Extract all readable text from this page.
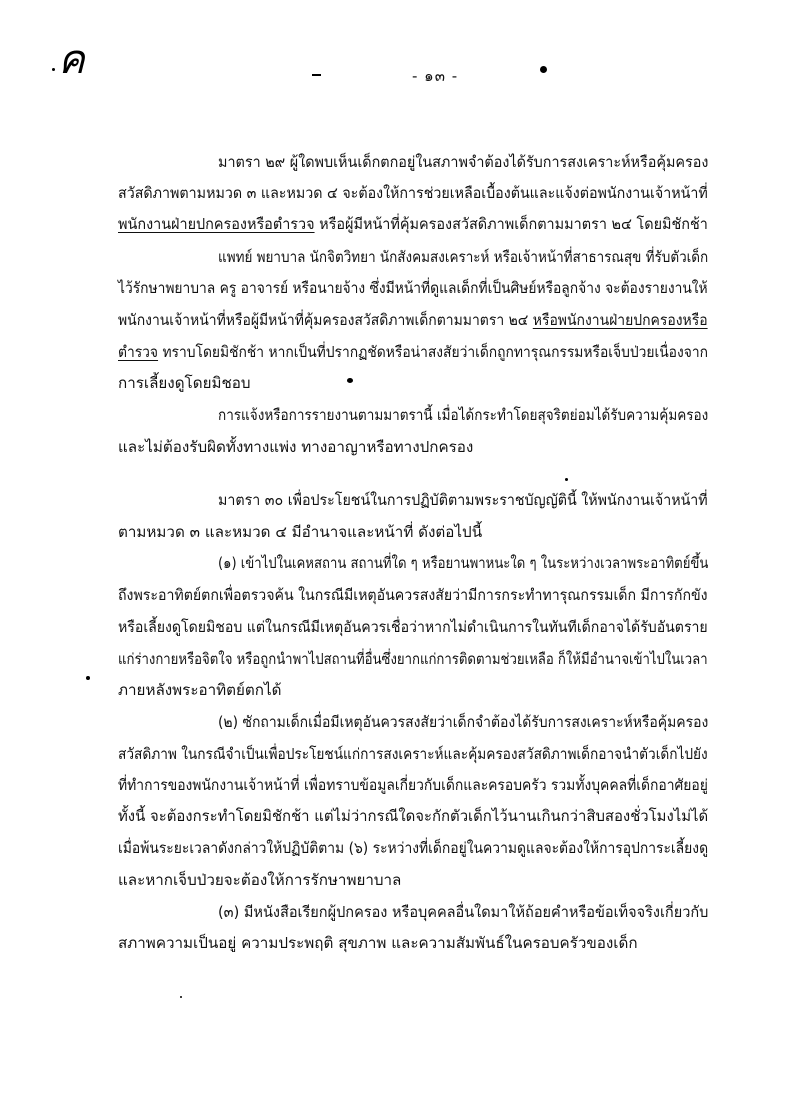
ค	- ๑๓ -
มาตรา ๒๙ ผู้ใดพบเห็นเด็กตกอยู่ในสภาพจำต้องได้รับการสงเคราะห์หรือคุ้มครอง
สวัสดิภาพตามหมวด ๓ และหมวด ๔ จะต้องให้การช่วยเหลือเบื้องต้นและแจ้งต่อพนักงานเจ้าหน้าที่
พนักงานฝ่ายปกครองหรือตำรวจ หรือผู้มีหน้าที่คุ้มครองสวัสดิภาพเด็กตามมาตรา ๒๔ โดยมิชักช้า
แพทย์ พยาบาล นักจิตวิทยา นักสังคมสงเคราะห์ หรือเจ้าหน้าที่สาธารณสุข ที่รับตัวเด็ก
ไว้รักษาพยาบาล ครู อาจารย์ หรือนายจ้าง ซึ่งมีหน้าที่ดูแลเด็กที่เป็นศิษย์หรือลูกจ้าง จะต้องรายงานให้
พนักงานเจ้าหน้าที่หรือผู้มีหน้าที่คุ้มครองสวัสดิภาพเด็กตามมาตรา ๒๔ หรือพนักงานฝ่ายปกครองหรือ
ตำรวจ ทราบโดยมิชักช้า หากเป็นที่ปรากฏชัดหรือน่าสงสัยว่าเด็กถูกทารุณกรรมหรือเจ็บป่วยเนื่องจาก
การเลี้ยงดูโดยมิชอบ
การแจ้งหรือการรายงานตามมาตรานี้ เมื่อได้กระทำโดยสุจริตย่อมได้รับความคุ้มครอง
และไม่ต้องรับผิดทั้งทางแพ่ง ทางอาญาหรือทางปกครอง
มาตรา ๓๐ เพื่อประโยชน์ในการปฏิบัติตามพระราชบัญญัตินี้ ให้พนักงานเจ้าหน้าที่
ตามหมวด ๓ และหมวด ๔ มีอำนาจและหน้าที่ ดังต่อไปนี้
(๑) เข้าไปในเคหสถาน สถานที่ใด ๆ หรือยานพาหนะใด ๆ ในระหว่างเวลาพระอาทิตย์ขึ้น
ถึงพระอาทิตย์ตกเพื่อตรวจค้น ในกรณีมีเหตุอันควรสงสัยว่ามีการกระทำทารุณกรรมเด็ก มีการกักขัง
หรือเลี้ยงดูโดยมิชอบ แต่ในกรณีมีเหตุอันควรเชื่อว่าหากไม่ดำเนินการในทันทีเด็กอาจได้รับอันตราย
แก่ร่างกายหรือจิตใจ หรือถูกนำพาไปสถานที่อื่นซึ่งยากแก่การติดตามช่วยเหลือ ก็ให้มีอำนาจเข้าไปในเวลา
ภายหลังพระอาทิตย์ตกได้
(๒) ซักถามเด็กเมื่อมีเหตุอันควรสงสัยว่าเด็กจำต้องได้รับการสงเคราะห์หรือคุ้มครอง
สวัสดิภาพ ในกรณีจำเป็นเพื่อประโยชน์แก่การสงเคราะห์และคุ้มครองสวัสดิภาพเด็กอาจนำตัวเด็กไปยัง
ที่ทำการของพนักงานเจ้าหน้าที่ เพื่อทราบข้อมูลเกี่ยวกับเด็กและครอบครัว รวมทั้งบุคคลที่เด็กอาศัยอยู่
ทั้งนี้ จะต้องกระทำโดยมิชักช้า แต่ไม่ว่ากรณีใดจะกักตัวเด็กไว้นานเกินกว่าสิบสองชั่วโมงไม่ได้
เมื่อพ้นระยะเวลาดังกล่าวให้ปฏิบัติตาม (๖) ระหว่างที่เด็กอยู่ในความดูแลจะต้องให้การอุปการะเลี้ยงดู
และหากเจ็บป่วยจะต้องให้การรักษาพยาบาล
(๓) มีหนังสือเรียกผู้ปกครอง หรือบุคคลอื่นใดมาให้ถ้อยคำหรือข้อเท็จจริงเกี่ยวกับ
สภาพความเป็นอยู่ ความประพฤติ สุขภาพ และความสัมพันธ์ในครอบครัวของเด็ก
